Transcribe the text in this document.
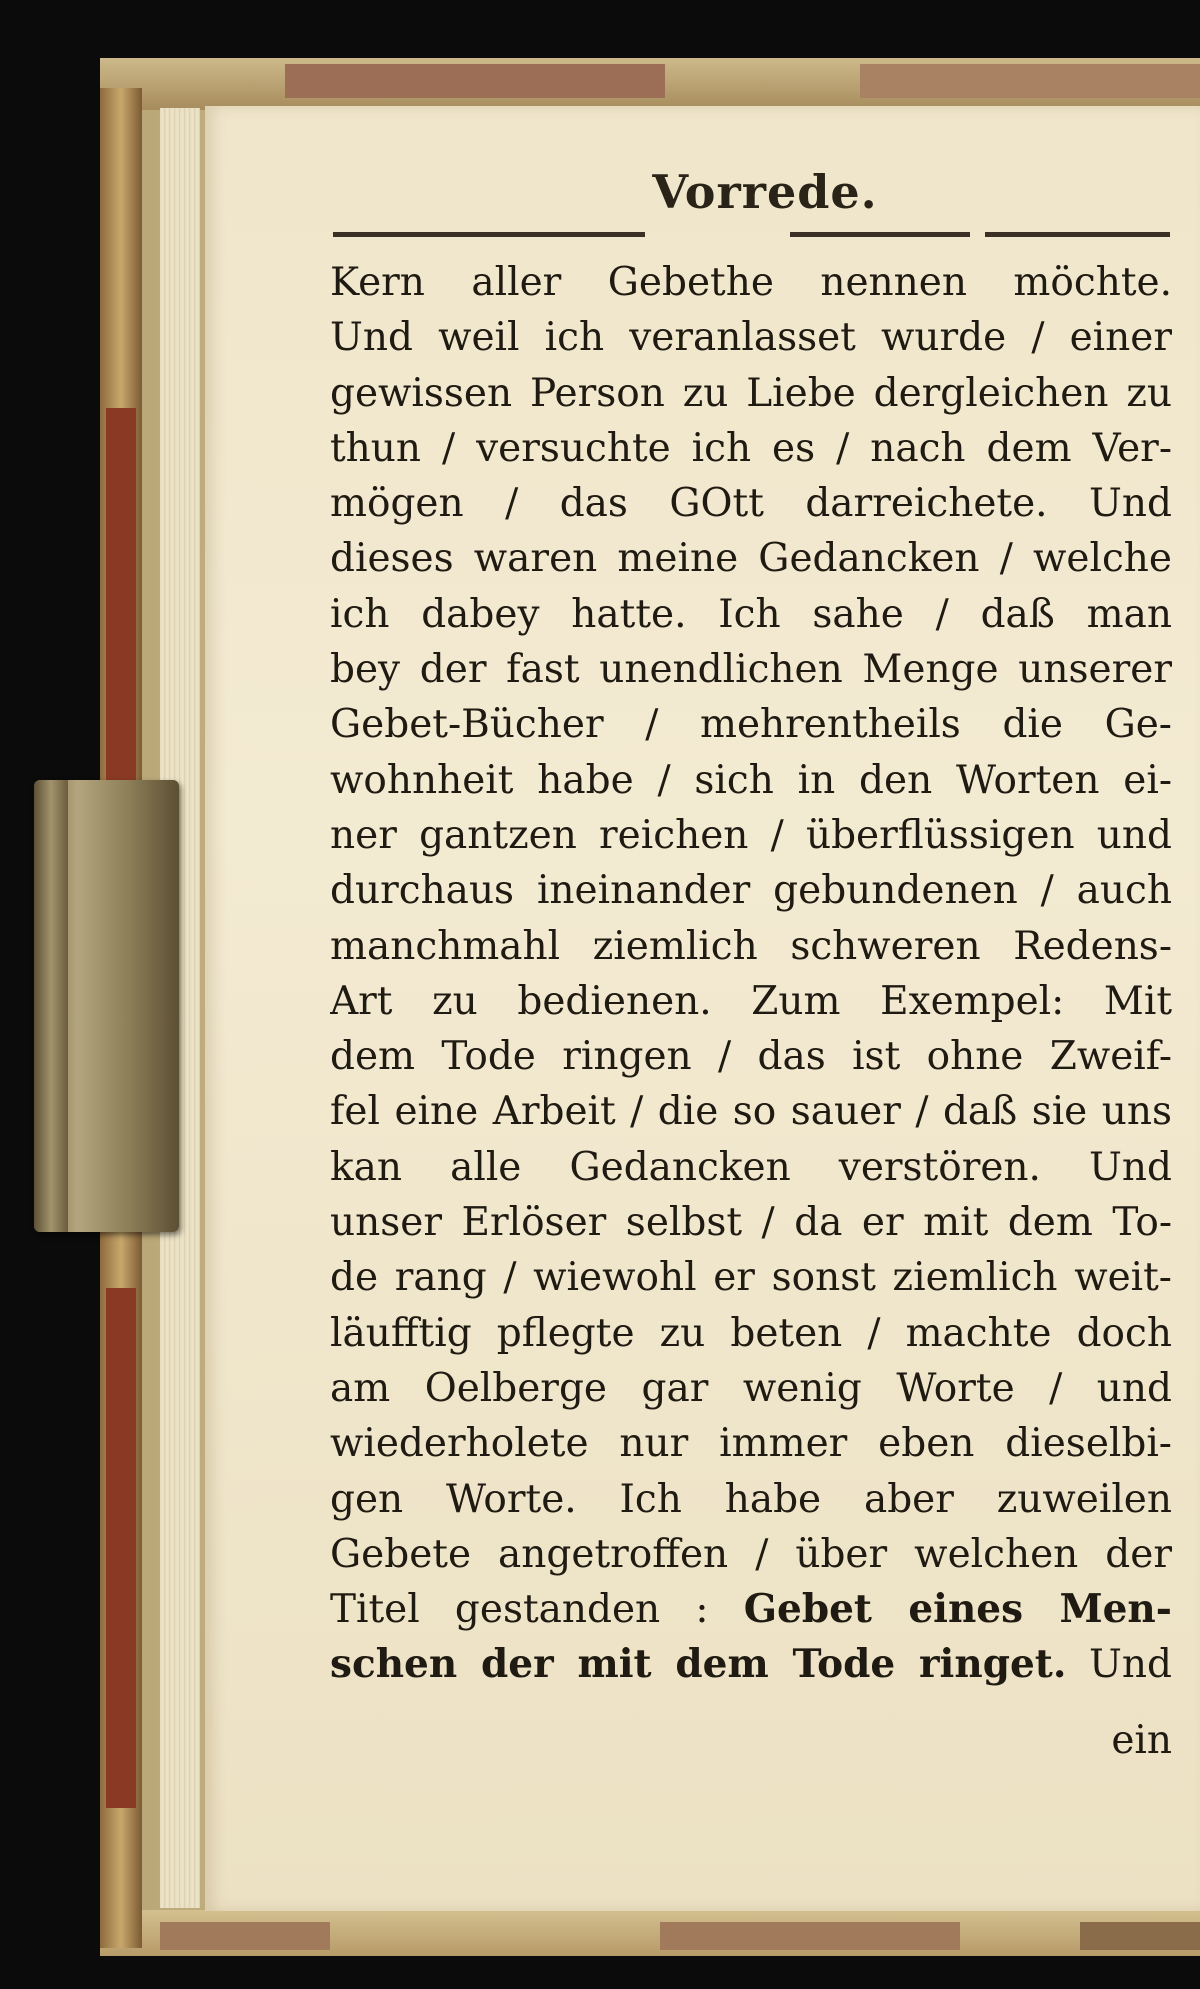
Vorrede.
Kern aller Gebethe nennen möchte.
Und weil ich veranlasset wurde / einer
gewissen Person zu Liebe dergleichen zu
thun / versuchte ich es / nach dem Ver-
mögen / das GOtt darreichete. Und
dieses waren meine Gedancken / welche
ich dabey hatte. Ich sahe / daß man
bey der fast unendlichen Menge unserer
Gebet-Bücher / mehrentheils die Ge-
wohnheit habe / sich in den Worten ei-
ner gantzen reichen / überflüssigen und
durchaus ineinander gebundenen / auch
manchmahl ziemlich schweren Redens-
Art zu bedienen. Zum Exempel: Mit
dem Tode ringen / das ist ohne Zweif-
fel eine Arbeit / die so sauer / daß sie uns
kan alle Gedancken verstören. Und
unser Erlöser selbst / da er mit dem To-
de rang / wiewohl er sonst ziemlich weit-
läufftig pflegte zu beten / machte doch
am Oelberge gar wenig Worte / und
wiederholete nur immer eben dieselbi-
gen Worte. Ich habe aber zuweilen
Gebete angetroffen / über welchen der
Titel gestanden : Gebet eines Men-
schen der mit dem Tode ringet. Und
ein
